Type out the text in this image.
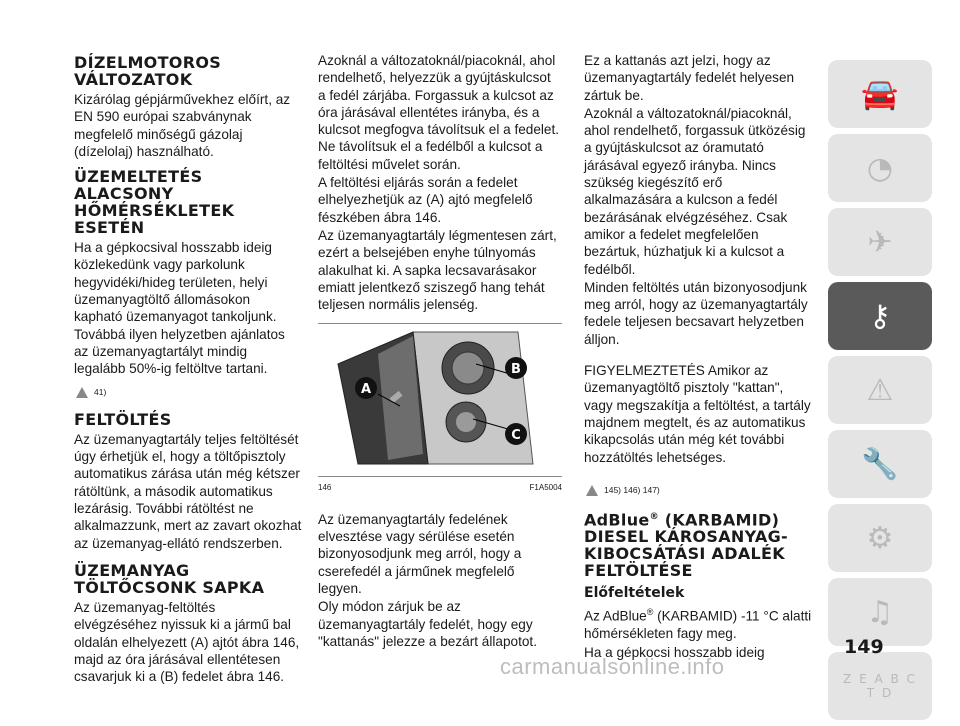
DÍZELMOTOROS VÁLTOZATOK

Kizárólag gépjárművekhez előírt, az EN 590 európai szabványnak megfelelő minőségű gázolaj (dízelolaj) használható.

ÜZEMELTETÉS ALACSONY HŐMÉRSÉKLETEK ESETÉN

Ha a gépkocsival hosszabb ideig közlekedünk vagy parkolunk hegyvidéki/hideg területen, helyi üzemanyagtöltő állomásokon kapható üzemanyagot tankoljunk. Továbbá ilyen helyzetben ajánlatos az üzemanyagtartályt mindig legalább 50%-ig feltöltve tartani.

41)
FELTÖLTÉS

Az üzemanyagtartály teljes feltöltését úgy érhetjük el, hogy a töltőpisztoly automatikus zárása után még kétszer rátöltünk, a második automatikus lezárásig. További rátöltést ne alkalmazzunk, mert az zavart okozhat az üzemanyag-ellátó rendszerben.

ÜZEMANYAG TÖLTŐCSONK SAPKA

Az üzemanyag-feltöltés elvégzéséhez nyissuk ki a jármű bal oldalán elhelyezett (A) ajtót ábra 146, majd az óra járásával ellentétesen csavarjuk ki a (B) fedelet ábra 146.

Azoknál a változatoknál/piacoknál, ahol rendelhető, helyezzük a gyújtáskulcsot a fedél zárjába. Forgassuk a kulcsot az óra járásával ellentétes irányba, és a kulcsot megfogva távolítsuk el a fedelet. Ne távolítsuk el a fedélből a kulcsot a feltöltési művelet során.

A feltöltési eljárás során a fedelet elhelyezhetjük az (A) ajtó megfelelő fészkében ábra 146.

Az üzemanyagtartály légmentesen zárt, ezért a belsejében enyhe túlnyomás alakulhat ki. A sapka lecsavarásakor emiatt jelentkező sziszegő hang tehát teljesen normális jelenség.

A
B
C
146	F1A5004

Az üzemanyagtartály fedelének elvesztése vagy sérülése esetén bizonyosodjunk meg arról, hogy a cserefedél a járműnek megfelelő legyen.

Oly módon zárjuk be az üzemanyagtartály fedelét, hogy egy "kattanás" jelezze a bezárt állapotot.

Ez a kattanás azt jelzi, hogy az üzemanyagtartály fedelét helyesen zártuk be.

Azoknál a változatoknál/piacoknál, ahol rendelhető, forgassuk ütközésig a gyújtáskulcsot az óramutató járásával egyező irányba. Nincs szükség kiegészítő erő alkalmazására a kulcson a fedél bezárásának elvégzéséhez. Csak amikor a fedelet megfelelően bezártuk, húzhatjuk ki a kulcsot a fedélből.

Minden feltöltés után bizonyosodjunk meg arról, hogy az üzemanyagtartály fedele teljesen becsavart helyzetben álljon.

FIGYELMEZTETÉS Amikor az üzemanyagtöltő pisztoly "kattan", vagy megszakítja a feltöltést, a tartály majdnem megtelt, és az automatikus kikapcsolás után még két további hozzátöltés lehetséges.

145) 146) 147)
AdBlue® (KARBAMID) DIESEL KÁROSANYAG-KIBOCSÁTÁSI ADALÉK FELTÖLTÉSE
Előfeltételek

Az AdBlue® (KARBAMID) -11 °C alatti hőmérsékleten fagy meg.

Ha a gépkocsi hosszabb ideig

🚘
◔
✈
⚷
⚠
🔧
⚙
♫
Z E A B C T D
149
carmanualsonline.info
